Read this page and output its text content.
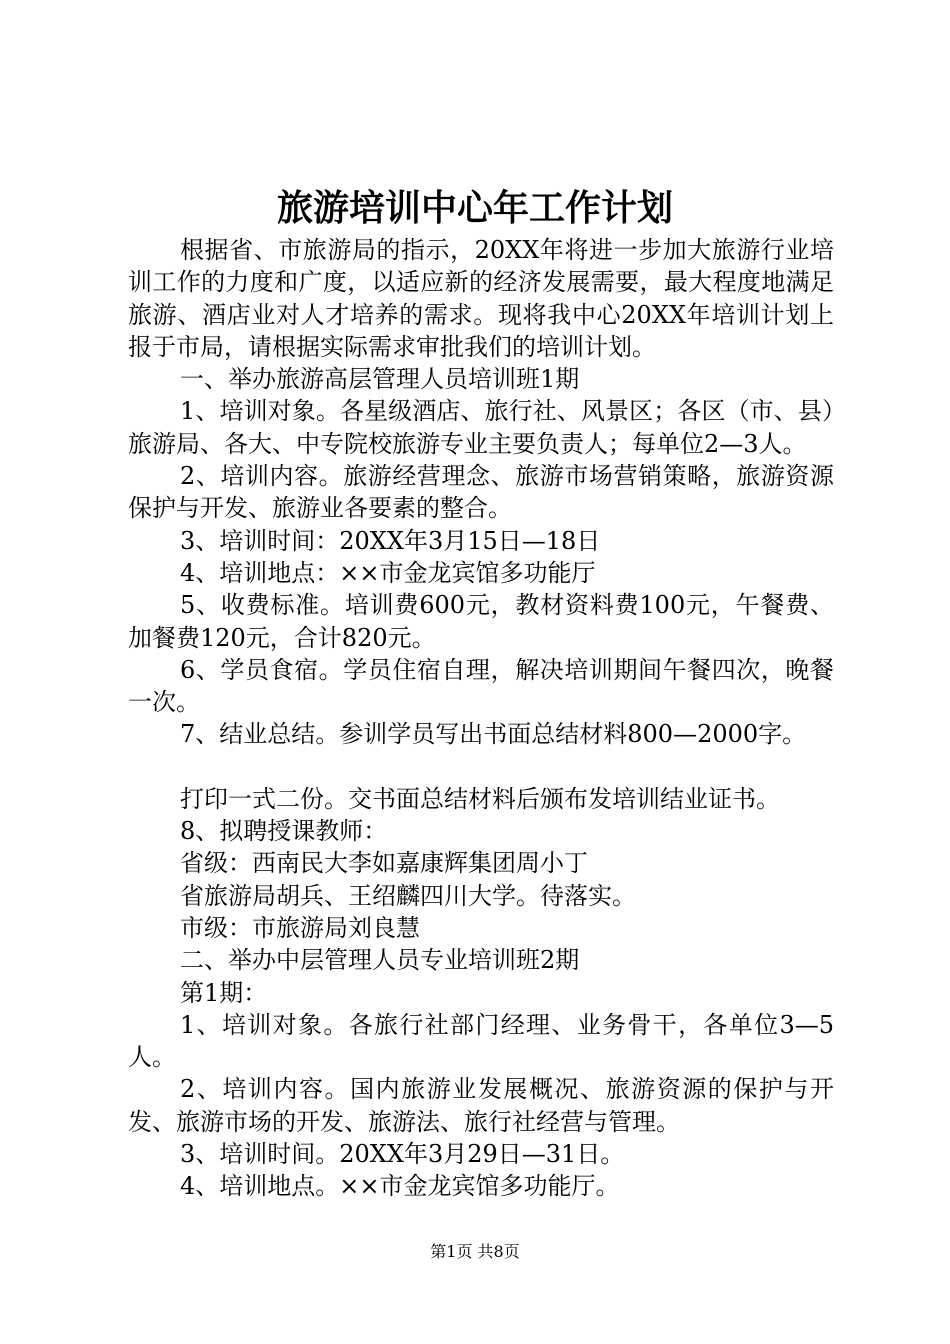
旅游培训中心年工作计划

根据省、市旅游局的指示，20XX年将进一步加大旅游行业培训工作的力度和广度，以适应新的经济发展需要，最大程度地满足旅游、酒店业对人才培养的需求。现将我中心20XX年培训计划上报于市局，请根据实际需求审批我们的培训计划。

一、举办旅游高层管理人员培训班1期

1、培训对象。各星级酒店、旅行社、风景区；各区（市、县）旅游局、各大、中专院校旅游专业主要负责人；每单位2—3人。

2、培训内容。旅游经营理念、旅游市场营销策略，旅游资源保护与开发、旅游业各要素的整合。

3、培训时间：20XX年3月15日—18日

4、培训地点：××市金龙宾馆多功能厅

5、收费标准。培训费600元，教材资料费100元，午餐费、加餐费120元，合计820元。

6、学员食宿。学员住宿自理，解决培训期间午餐四次，晚餐一次。

7、结业总结。参训学员写出书面总结材料800—2000字。

打印一式二份。交书面总结材料后颁布发培训结业证书。

8、拟聘授课教师：

省级：西南民大李如嘉康辉集团周小丁

省旅游局胡兵、王绍麟四川大学。待落实。

市级：市旅游局刘良慧

二、举办中层管理人员专业培训班2期

第1期：

1、培训对象。各旅行社部门经理、业务骨干，各单位3—5人。

2、培训内容。国内旅游业发展概况、旅游资源的保护与开发、旅游市场的开发、旅游法、旅行社经营与管理。

3、培训时间。20XX年3月29日—31日。

4、培训地点。××市金龙宾馆多功能厅。

第1页 共8页
